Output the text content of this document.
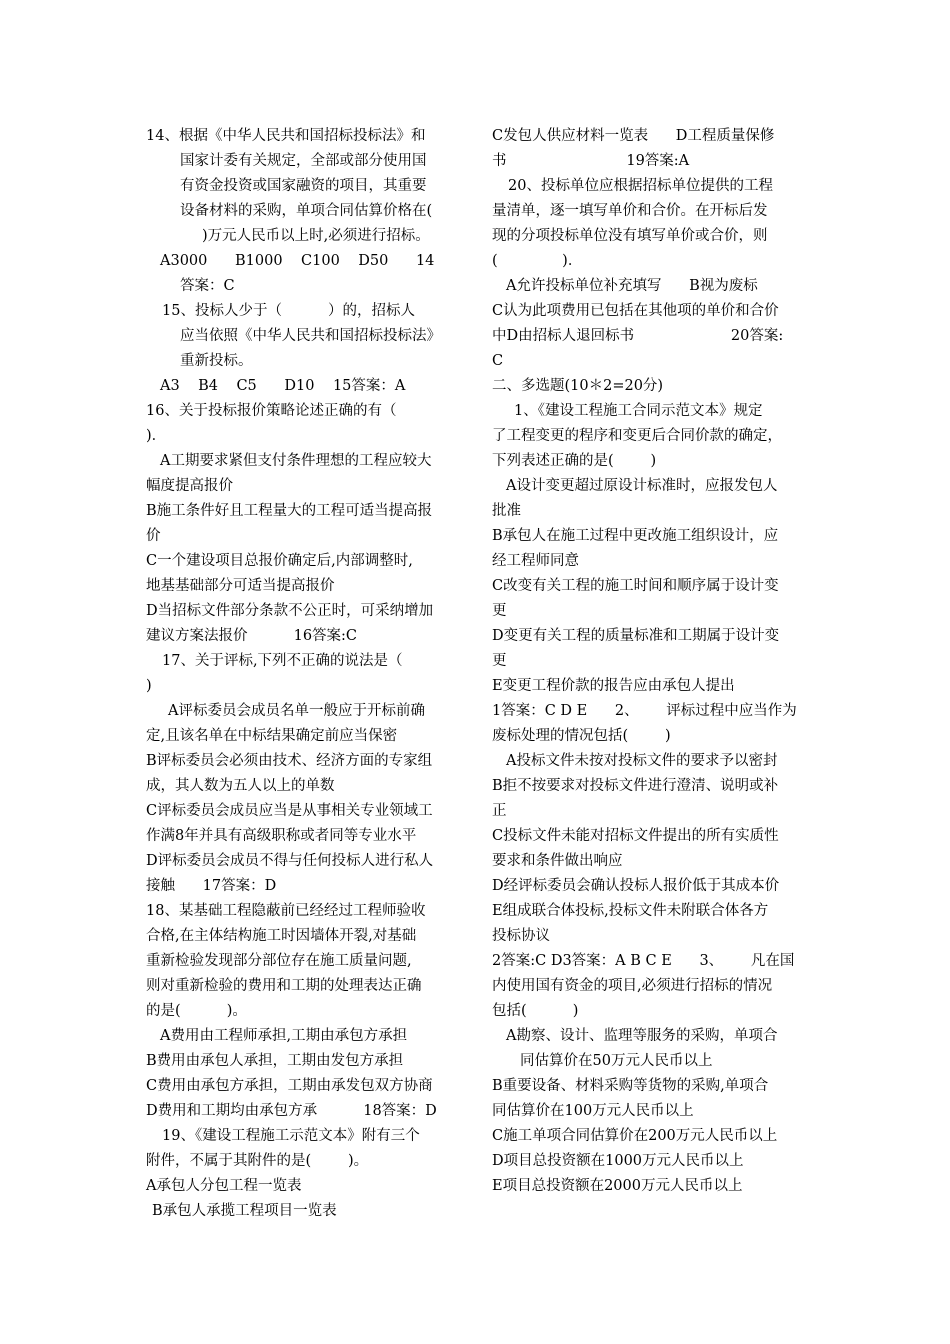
14、根据《中华人民共和国招标投标法》和
国家计委有关规定，全部或部分使用国
有资金投资或国家融资的项目，其重要
设备材料的采购，单项合同估算价格在(
)万元人民币以上时,必须进行招标。
A3000      B1000    C100    D50      14
答案：C
15、投标人少于（          ）的，招标人
应当依照《中华人民共和国招标投标法》
重新投标。
A3    B4    C5      D10    15答案：A
16、关于投标报价策略论述正确的有（
)．
A工期要求紧但支付条件理想的工程应较大
幅度提高报价
B施工条件好且工程量大的工程可适当提高报
价
C一个建设项目总报价确定后,内部调整时,
地基基础部分可适当提高报价
D当招标文件部分条款不公正时，可采纳增加
建议方案法报价          16答案:C
17、关于评标,下列不正确的说法是（
)
A评标委员会成员名单一般应于开标前确
定,且该名单在中标结果确定前应当保密
B评标委员会必须由技术、经济方面的专家组
成，其人数为五人以上的单数
C评标委员会成员应当是从事相关专业领域工
作满8年并具有高级职称或者同等专业水平
D评标委员会成员不得与任何投标人进行私人
接触      17答案：D
18、某基础工程隐蔽前已经经过工程师验收
合格,在主体结构施工时因墙体开裂,对基础
重新检验发现部分部位存在施工质量问题,
则对重新检验的费用和工期的处理表达正确
的是(          )。
A费用由工程师承担,工期由承包方承担
B费用由承包人承担，工期由发包方承担
C费用由承包方承担，工期由承发包双方协商
D费用和工期均由承包方承          18答案：D
19、《建设工程施工示范文本》附有三个
附件，不属于其附件的是(        )。
A承包人分包工程一览表
B承包人承揽工程项目一览表
C发包人供应材料一览表      D工程质量保修
书                          19答案:A
20、投标单位应根据招标单位提供的工程
量清单，逐一填写单价和合价。在开标后发
现的分项投标单位没有填写单价或合价，则
(              )．
A允许投标单位补充填写      B视为废标
C认为此项费用已包括在其他项的单价和合价
中D由招标人退回标书                     20答案:
C
二、多选题(10＊2=20分)
1、《建设工程施工合同示范文本》规定
了工程变更的程序和变更后合同价款的确定，
下列表述正确的是(        )
A设计变更超过原设计标准时，应报发包人
批准
B承包人在施工过程中更改施工组织设计，应
经工程师同意
C改变有关工程的施工时间和顺序属于设计变
更
D变更有关工程的质量标准和工期属于设计变
更
E变更工程价款的报告应由承包人提出
1答案：C D E      2、      评标过程中应当作为
废标处理的情况包括(        )
A投标文件未按对投标文件的要求予以密封
B拒不按要求对投标文件进行澄清、说明或补
正
C投标文件未能对招标文件提出的所有实质性
要求和条件做出响应
D经评标委员会确认投标人报价低于其成本价
E组成联合体投标,投标文件未附联合体各方
投标协议
2答案:C D3答案：A B C E      3、      凡在国
内使用国有资金的项目,必须进行招标的情况
包括(          )
A勘察、设计、监理等服务的采购，单项合
同估算价在50万元人民币以上
B重要设备、材料采购等货物的采购,单项合
同估算价在100万元人民币以上
C施工单项合同估算价在200万元人民币以上
D项目总投资额在1000万元人民币以上
E项目总投资额在2000万元人民币以上
